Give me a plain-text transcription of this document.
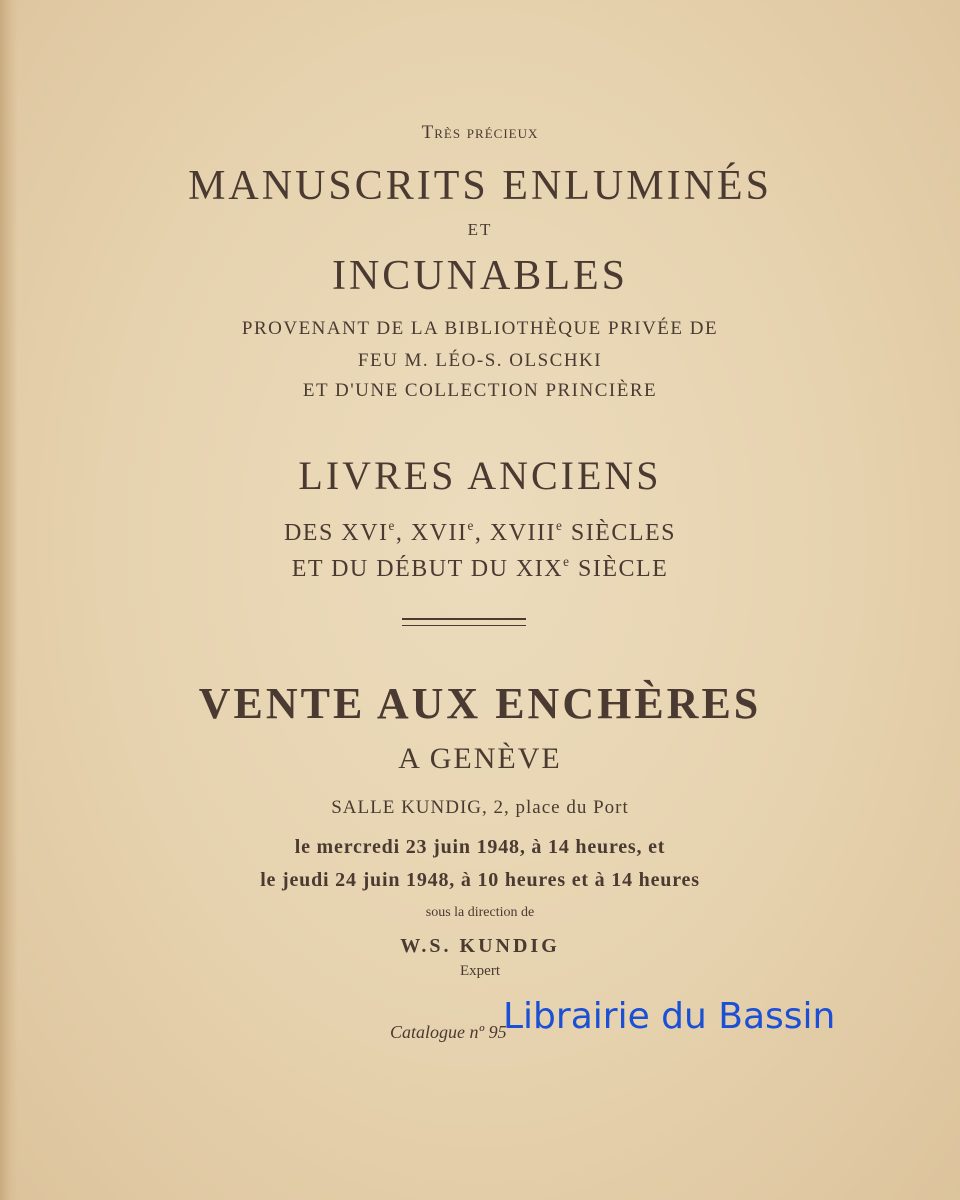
Très précieux
MANUSCRITS ENLUMINÉS
ET
INCUNABLES
PROVENANT DE LA BIBLIOTHÈQUE PRIVÉE DE
FEU M. LÉO-S. OLSCHKI
ET D'UNE COLLECTION PRINCIÈRE
LIVRES ANCIENS
DES XVIe, XVIIe, XVIIIe SIÈCLES
ET DU DÉBUT DU XIXe SIÈCLE
VENTE AUX ENCHÈRES
A GENÈVE
SALLE KUNDIG, 2, place du Port
le mercredi 23 juin 1948, à 14 heures, et
le jeudi 24 juin 1948, à 10 heures et à 14 heures
sous la direction de
W.S. KUNDIG
Expert
Catalogue nº 95
Librairie du Bassin
